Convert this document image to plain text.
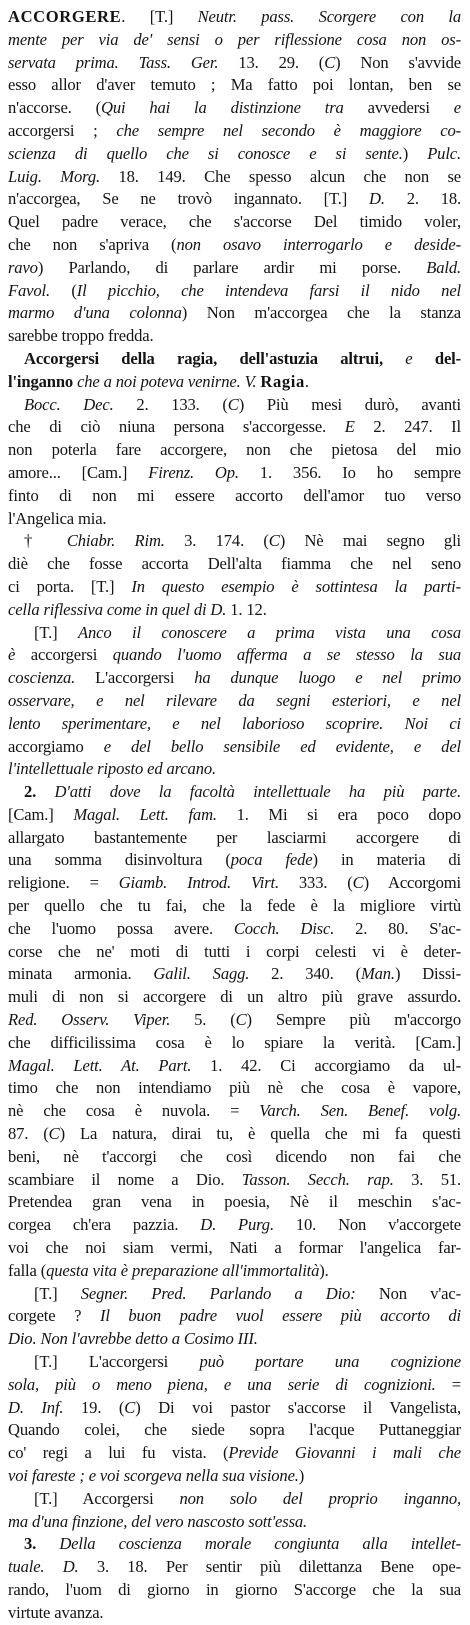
ACCORGERE. [T.] Neutr. pass. Scorgere con la
mente per via de' sensi o per riflessione cosa non os-
servata prima. Tass. Ger. 13. 29. (C) Non s'avvide
esso allor d'aver temuto ; Ma fatto poi lontan, ben se
n'accorse. (Qui hai la distinzione tra avvedersi e
accorgersi ; che sempre nel secondo è maggiore co-
scienza di quello che si conosce e si sente.) Pulc.
Luig. Morg. 18. 149. Che spesso alcun che non se
n'accorgea, Se ne trovò ingannato. [T.] D. 2. 18.
Quel padre verace, che s'accorse Del timido voler,
che non s'apriva (non osavo interrogarlo e deside-
ravo) Parlando, di parlare ardir mi porse. Bald.
Favol. (Il picchio, che intendeva farsi il nido nel
marmo d'una colonna) Non m'accorgea che la stanza
sarebbe troppo fredda.
Accorgersi della ragia, dell'astuzia altrui, e del-
l'inganno che a noi poteva venirne. V. Ragia.
Bocc. Dec. 2. 133. (C) Più mesi durò, avanti
che di ciò niuna persona s'accorgesse. E 2. 247. Il
non poterla fare accorgere, non che pietosa del mio
amore... [Cam.] Firenz. Op. 1. 356. Io ho sempre
finto di non mi essere accorto dell'amor tuo verso
l'Angelica mia.
† Chiabr. Rim. 3. 174. (C) Nè mai segno gli
diè che fosse accorta Dell'alta fiamma che nel seno
ci porta. [T.] In questo esempio è sottintesa la parti-
cella riflessiva come in quel di D. 1. 12.
[T.] Anco il conoscere a prima vista una cosa
è accorgersi quando l'uomo afferma a se stesso la sua
coscienza. L'accorgersi ha dunque luogo e nel primo
osservare, e nel rilevare da segni esteriori, e nel
lento sperimentare, e nel laborioso scoprire. Noi ci
accorgiamo e del bello sensibile ed evidente, e del
l'intellettuale riposto ed arcano.
2. D'atti dove la facoltà intellettuale ha più parte.
[Cam.] Magal. Lett. fam. 1. Mi si era poco dopo
allargato bastantemente per lasciarmi accorgere di
una somma disinvoltura (poca fede) in materia di
religione. = Giamb. Introd. Virt. 333. (C) Accorgomi
per quello che tu fai, che la fede è la migliore virtù
che l'uomo possa avere. Cocch. Disc. 2. 80. S'ac-
corse che ne' moti di tutti i corpi celesti vi è deter-
minata armonia. Galil. Sagg. 2. 340. (Man.) Dissi-
muli di non si accorgere di un altro più grave assurdo.
Red. Osserv. Viper. 5. (C) Sempre più m'accorgo
che difficilissima cosa è lo spiare la verità. [Cam.]
Magal. Lett. At. Part. 1. 42. Ci accorgiamo da ul-
timo che non intendiamo più nè che cosa è vapore,
nè che cosa è nuvola. = Varch. Sen. Benef. volg.
87. (C) La natura, dirai tu, è quella che mi fa questi
beni, nè t'accorgi che così dicendo non fai che
scambiare il nome a Dio. Tasson. Secch. rap. 3. 51.
Pretendea gran vena in poesia, Nè il meschin s'ac-
corgea ch'era pazzia. D. Purg. 10. Non v'accorgete
voi che noi siam vermi, Nati a formar l'angelica far-
falla (questa vita è preparazione all'immortalità).
[T.] Segner. Pred. Parlando a Dio: Non v'ac-
corgete ? Il buon padre vuol essere più accorto di
Dio. Non l'avrebbe detto a Cosimo III.
[T.] L'accorgersi può portare una cognizione
sola, più o meno piena, e una serie di cognizioni. =
D. Inf. 19. (C) Di voi pastor s'accorse il Vangelista,
Quando colei, che siede sopra l'acque Puttaneggiar
co' regi a lui fu vista. (Previde Giovanni i mali che
voi fareste ; e voi scorgeva nella sua visione.)
[T.] Accorgersi non solo del proprio inganno,
ma d'una finzione, del vero nascosto sott'essa.
3. Della coscienza morale congiunta alla intellet-
tuale. D. 3. 18. Per sentir più dilettanza Bene ope-
rando, l'uom di giorno in giorno S'accorge che la sua
virtute avanza.
